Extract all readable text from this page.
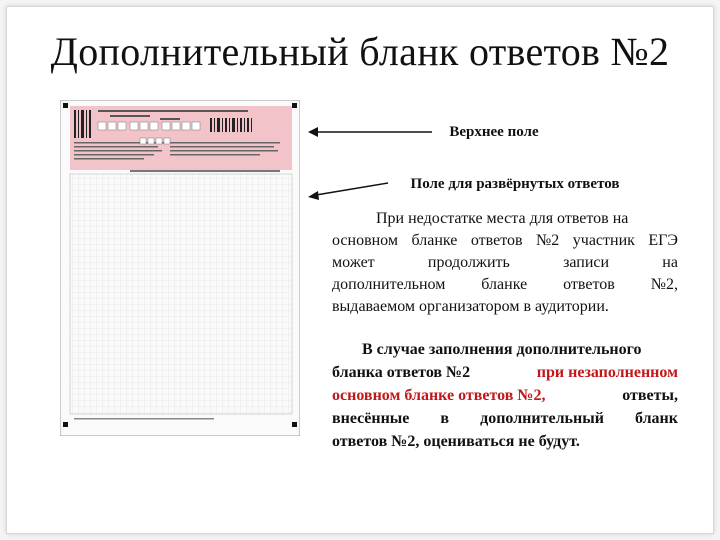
Дополнительный бланк ответов №2
Верхнее поле
Поле для развёрнутых ответов
При недостатке места для ответов на
основном бланке ответов №2 участник ЕГЭ
может	продолжить	записи	на
дополнительном бланке ответов №2,
выдаваемом организатором в аудитории.
В случае заполнения дополнительного
бланка ответов №2	при незаполненном
основном бланке ответов №2,	ответы,
внесённые в дополнительный бланк
ответов №2, оцениваться не будут.
